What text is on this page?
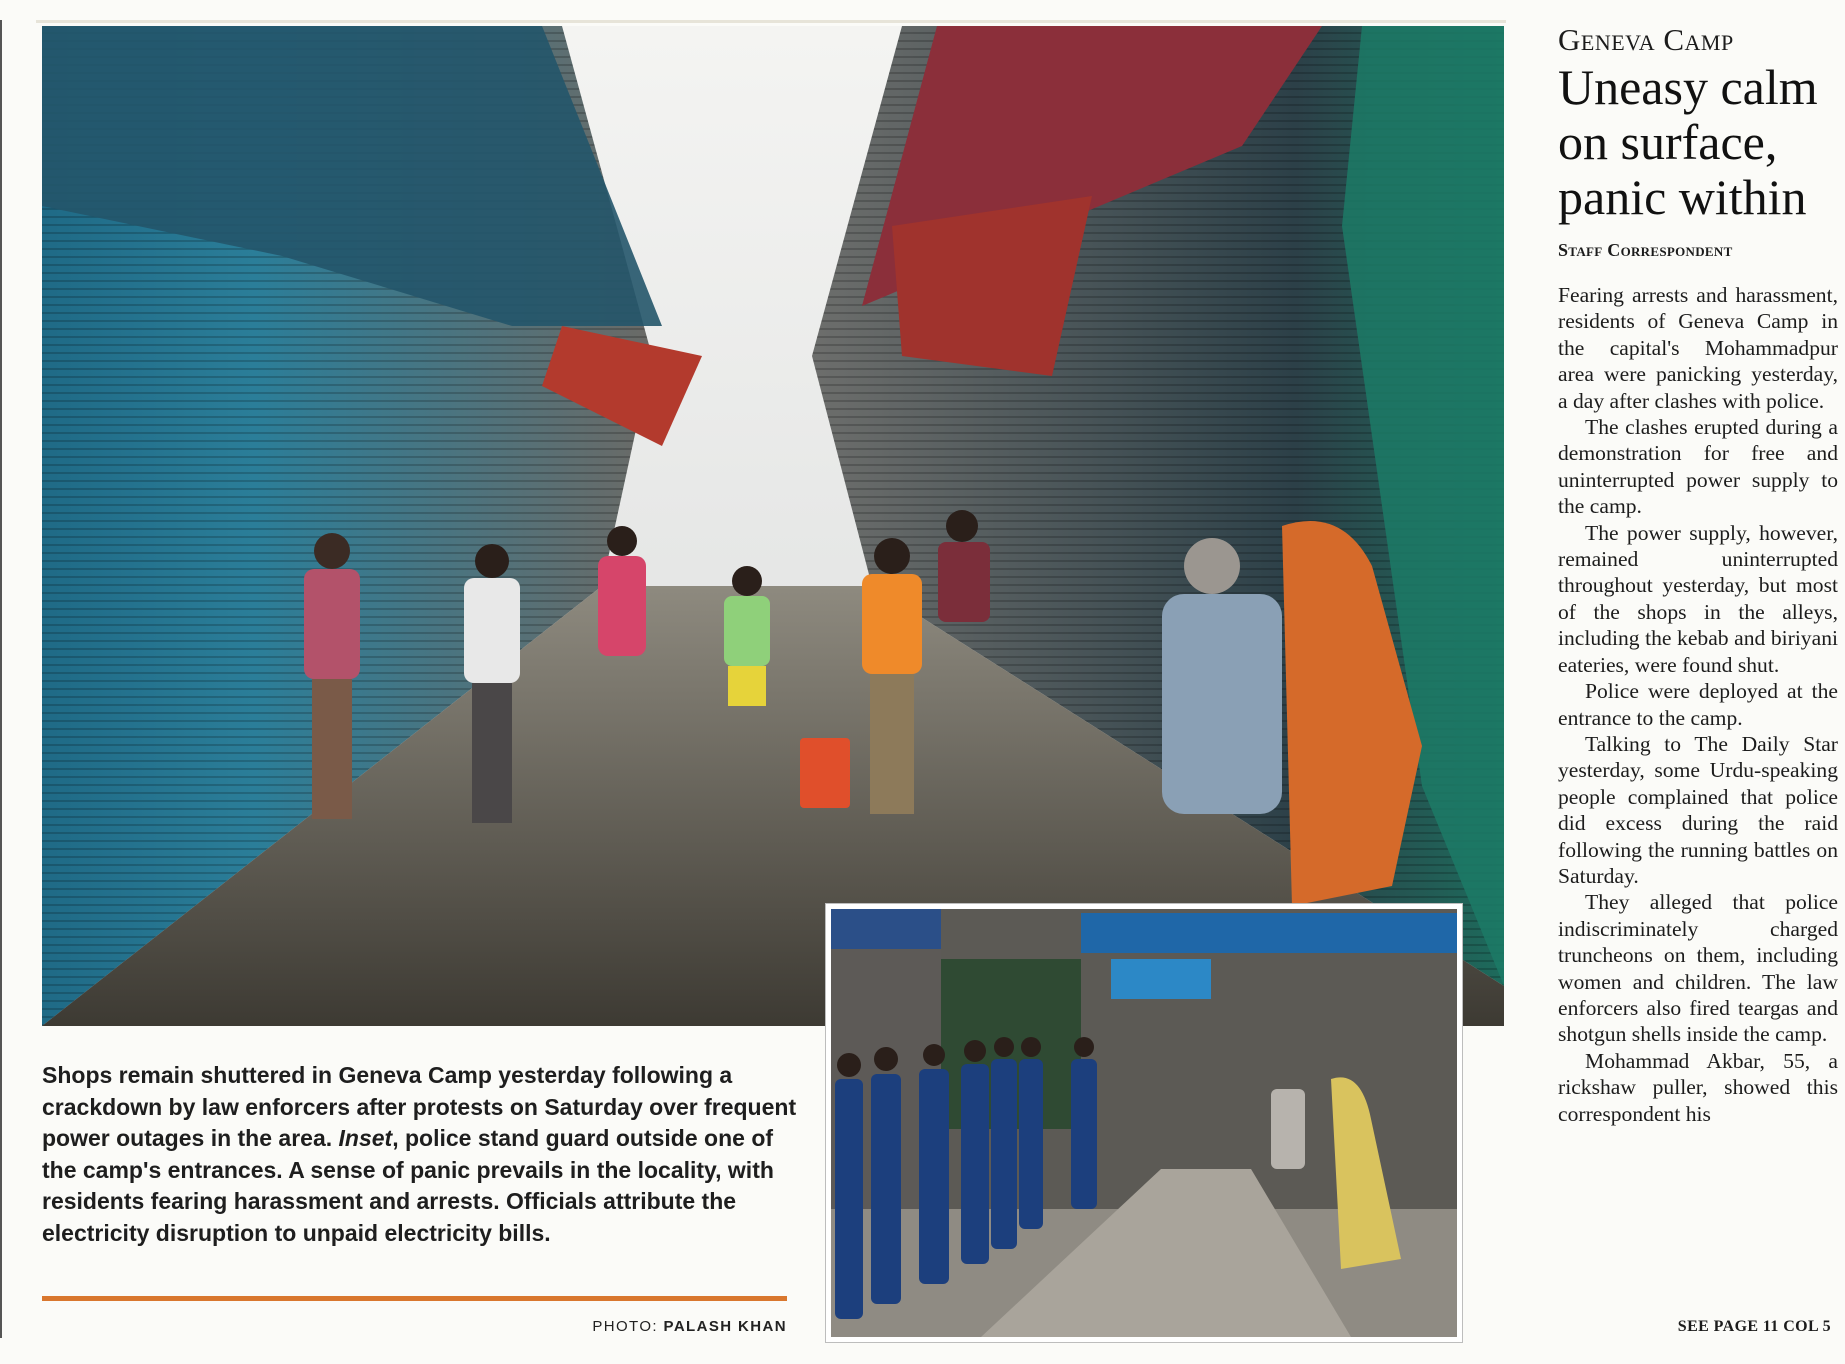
Shops remain shuttered in Geneva Camp yesterday following a crackdown by law enforcers after protests on Saturday over frequent power outages in the area. Inset, police stand guard outside one of the camp's entrances. A sense of panic prevails in the locality, with residents fearing harassment and arrests. Officials attribute the electricity disruption to unpaid electricity bills.

PHOTO: PALASH KHAN
Geneva Camp
Uneasy calm on surface, panic within
Staff Correspondent

Fearing arrests and harassment, residents of Geneva Camp in the capital's Mohammadpur area were panicking yesterday, a day after clashes with police.

The clashes erupted during a demonstration for free and uninterrupted power supply to the camp.

The power supply, however, remained uninterrupted throughout yesterday, but most of the shops in the alleys, including the kebab and biriyani eateries, were found shut.

Police were deployed at the entrance to the camp.

Talking to The Daily Star yesterday, some Urdu-speaking people complained that police did excess during the raid following the running battles on Saturday.

They alleged that police indiscriminately charged truncheons on them, including women and children. The law enforcers also fired teargas and shotgun shells inside the camp.

Mohammad Akbar, 55, a rickshaw puller, showed this correspondent his

SEE PAGE 11 COL 5
